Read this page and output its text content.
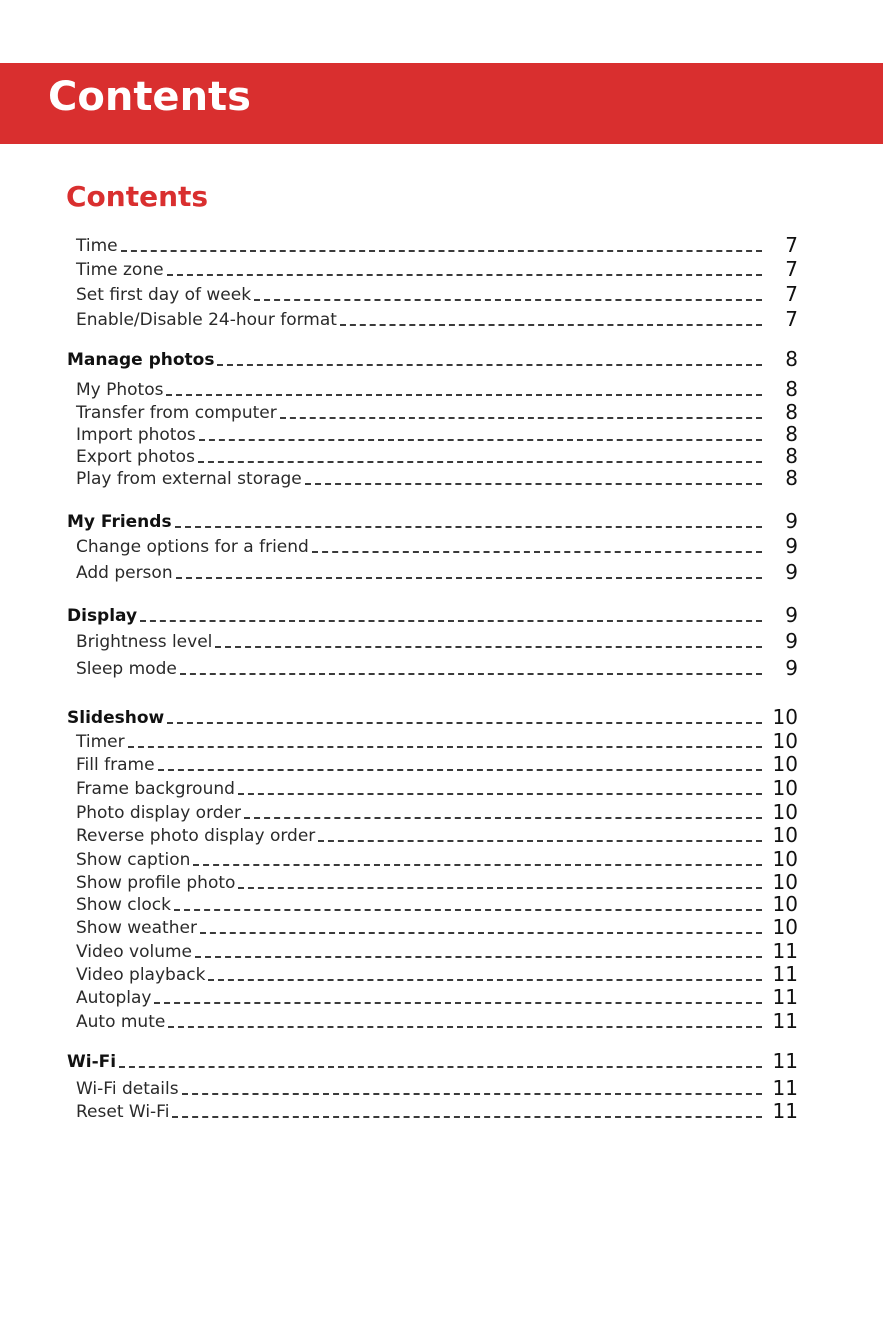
Contents
Contents
Time	7
Time zone	7
Set first day of week	7
Enable/Disable 24-hour format	7
Manage photos	8
My Photos	8
Transfer from computer	8
Import photos	8
Export photos	8
Play from external storage	8
My Friends	9
Change options for a friend	9
Add person	9
Display	9
Brightness level	9
Sleep mode	9
Slideshow	10
Timer	10
Fill frame	10
Frame background	10
Photo display order	10
Reverse photo display order	10
Show caption	10
Show profile photo	10
Show clock	10
Show weather	10
Video volume	11
Video playback	11
Autoplay	11
Auto mute	11
Wi-Fi	11
Wi-Fi details	11
Reset Wi-Fi	11
